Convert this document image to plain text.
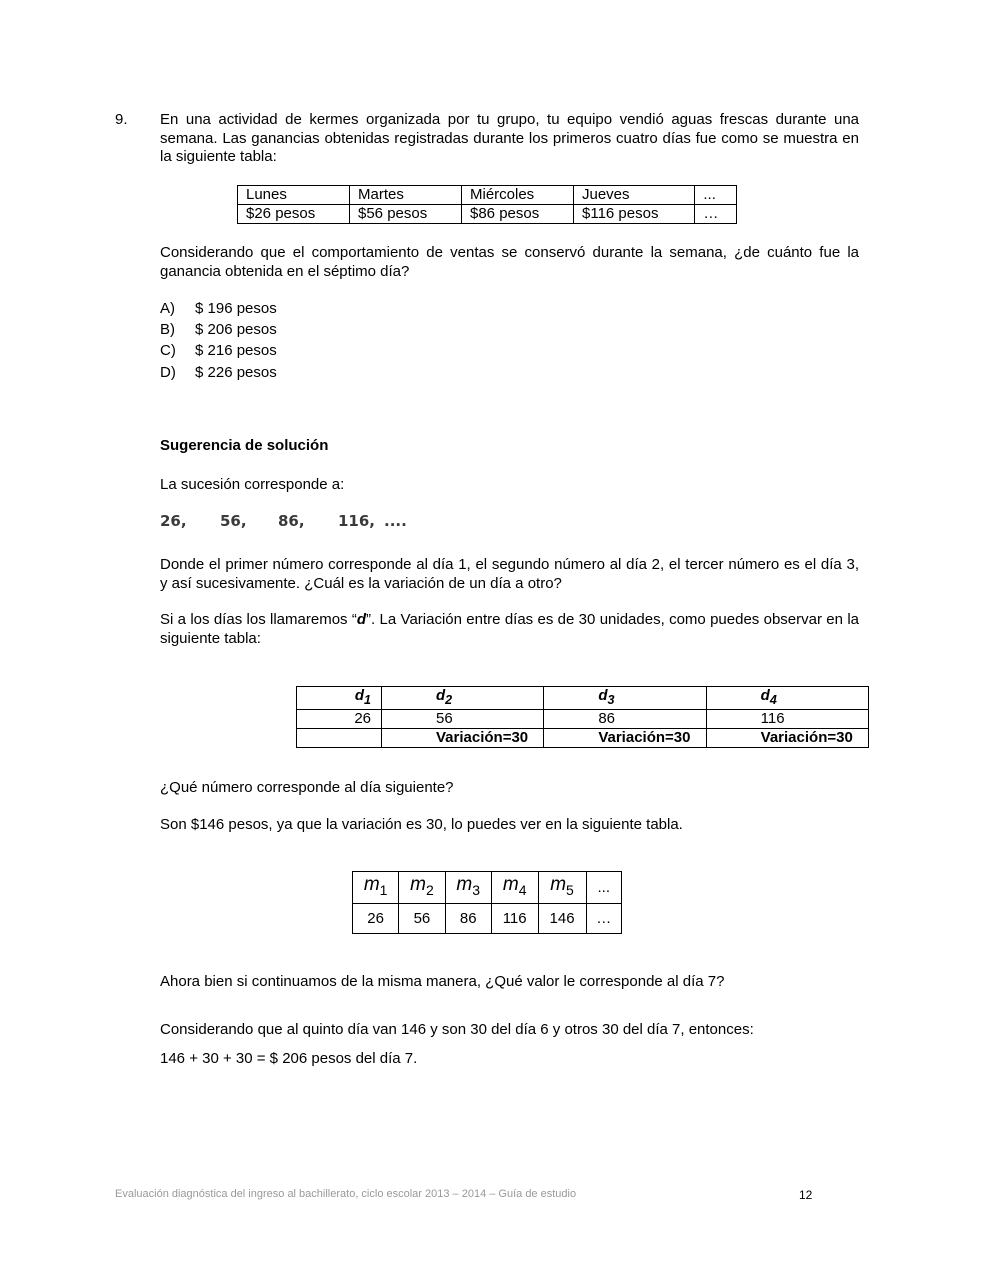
9. En una actividad de kermes organizada por tu grupo, tu equipo vendió aguas frescas durante una semana. Las ganancias obtenidas registradas durante los primeros cuatro días fue como se muestra en la siguiente tabla:
Lunes	Martes	Miércoles	Jueves	...
$26 pesos	$56 pesos	$86 pesos	$116 pesos	…
Considerando que el comportamiento de ventas se conservó durante la semana, ¿de cuánto fue la ganancia obtenida en el séptimo día?
A) $ 196 pesos
B) $ 206 pesos
C) $ 216 pesos
D) $ 226 pesos
Sugerencia de solución
La sucesión corresponde a:
26, 56, 86, 116, ....
Donde el primer número corresponde al día 1, el segundo número al día 2, el tercer número es el día 3, y así sucesivamente. ¿Cuál es la variación de un día a otro?
Si a los días los llamaremos “d”. La Variación entre días es de 30 unidades, como puedes observar en la siguiente tabla:
$d_1$	$d_2$	$d_3$	$d_4$
26	56	86	116
	Variación=30	Variación=30	Variación=30
¿Qué número corresponde al día siguiente?
Son $146 pesos, ya que la variación es 30, lo puedes ver en la siguiente tabla.
$m_1$	$m_2$	$m_3$	$m_4$	$m_5$	...
26	56	86	116	146	…
Ahora bien si continuamos de la misma manera, ¿Qué valor le corresponde al día 7?
Considerando que al quinto día van 146 y son 30 del día 6 y otros 30 del día 7, entonces:
146 + 30 + 30 = $ 206 pesos del día 7.
Evaluación diagnóstica del ingreso al bachillerato, ciclo escolar 2013 – 2014 – Guía de estudio	12
